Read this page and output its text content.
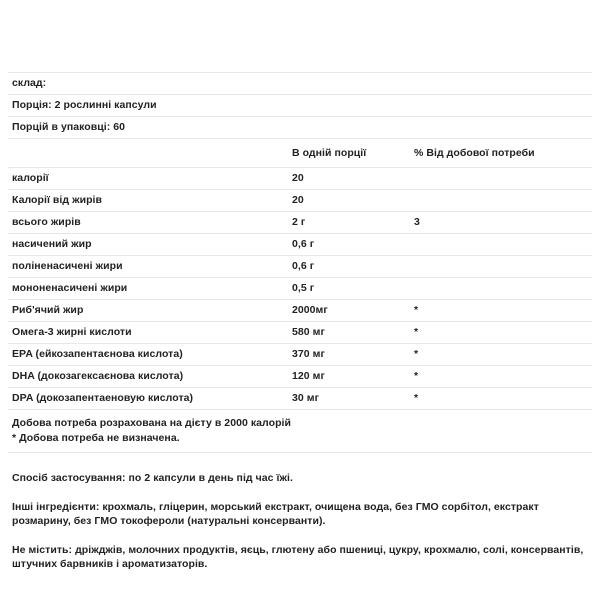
склад:		
Порція: 2 рослинні капсули		
Порцій в упаковці: 60		
	В одній порції	% Від добової потреби
калорії	20	
Калорії від жирів	20	
всього жирів	2 г	3
насичений жир	0,6 г	
поліненасичені жири	0,6 г	
мононенасичені жири	0,5 г	
Риб'ячий жир	2000мг	*
Омега-3 жирні кислоти	580 мг	*
EPA (ейкозапентаєнова кислота)	370 мг	*
DHA (докозагексаєнова кислота)	120 мг	*
DPA (докозапентаеновую кислота)	30 мг	*

Добова потреба розрахована на дієту в 2000 калорій
* Добова потреба не визначена.		

Спосіб застосування: по 2 капсули в день під час їжі.

Інші інгредієнти: крохмаль, гліцерин, морський екстракт, очищена вода, без ГМО сорбітол, екстракт розмарину, без ГМО токофероли (натуральні консерванти).

Не містить: дріжджів, молочних продуктів, яєць, глютену або пшениці, цукру, крохмалю, солі, консервантів, штучних барвників і ароматизаторів.
